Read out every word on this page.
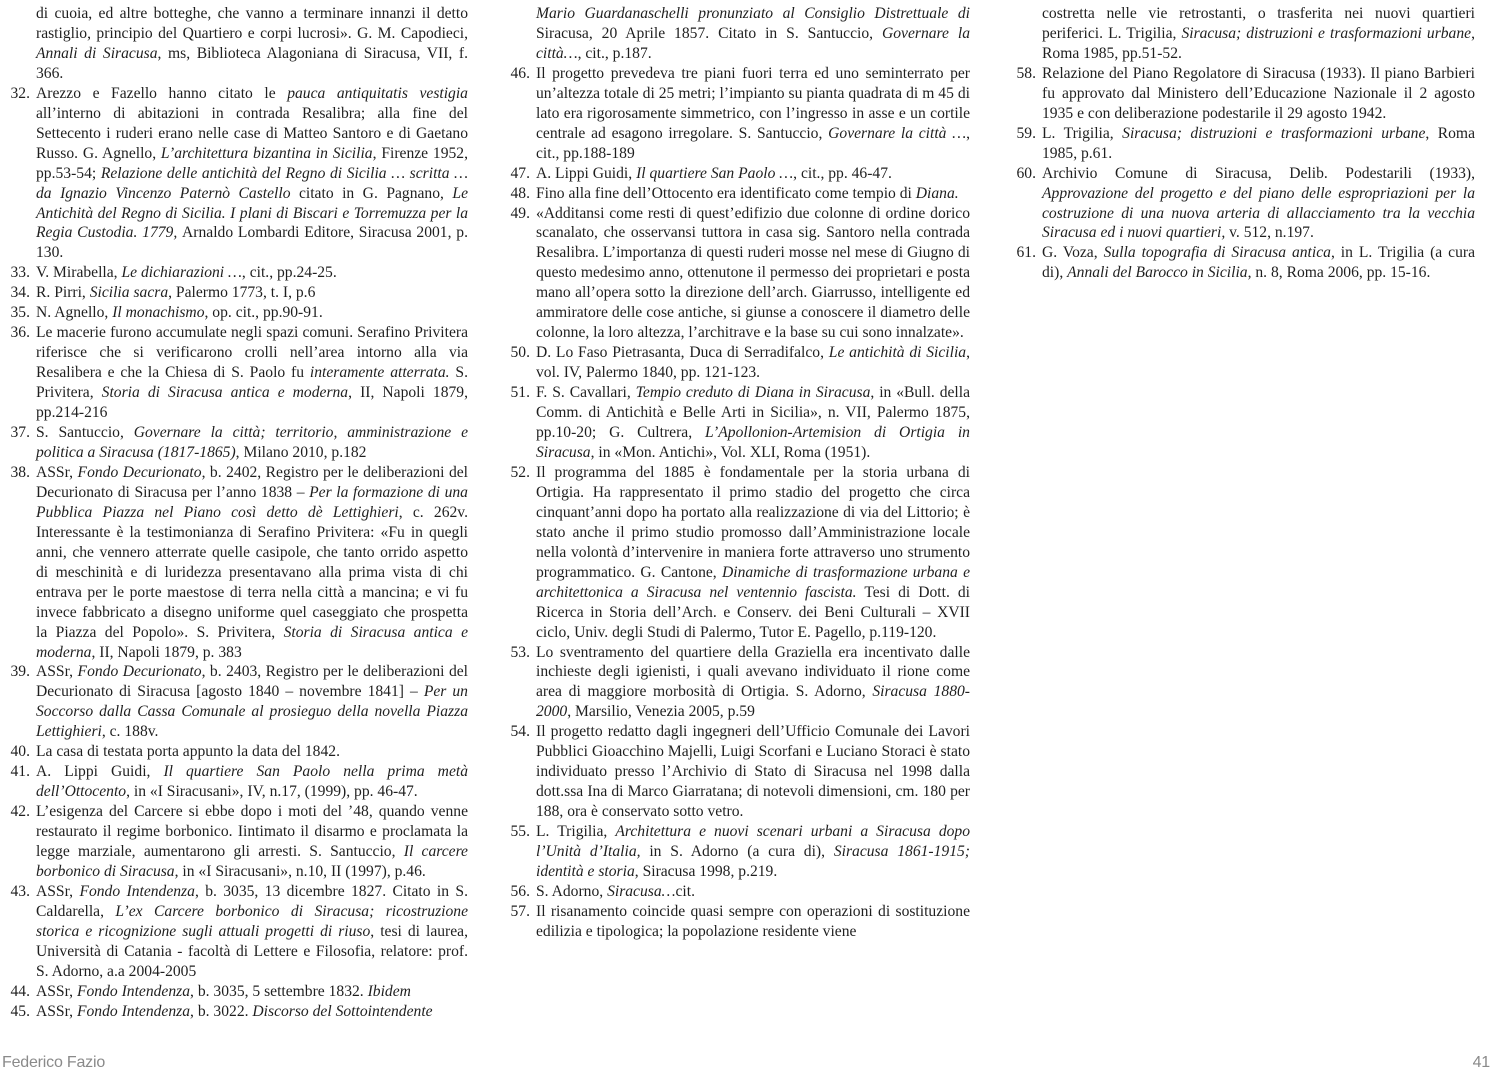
di cuoia, ed altre botteghe, che vanno a terminare innanzi il detto rastiglio, principio del Quartiero e corpi lucrosi». G. M. Capodieci, Annali di Siracusa, ms, Biblioteca Alagoniana di Siracusa, VII, f. 366.
32. Arezzo e Fazello hanno citato le pauca antiquitatis vestigia all’interno di abitazioni in contrada Resalibra; alla fine del Settecento i ruderi erano nelle case di Matteo Santoro e di Gaetano Russo. G. Agnello, L’architettura bizantina in Sicilia, Firenze 1952, pp.53-54; Relazione delle antichità del Regno di Sicilia … scritta … da Ignazio Vincenzo Paternò Castello citato in G. Pagnano, Le Antichità del Regno di Sicilia. I plani di Biscari e Torremuzza per la Regia Custodia. 1779, Arnaldo Lombardi Editore, Siracusa 2001, p. 130.
33. V. Mirabella, Le dichiarazioni …, cit., pp.24-25.
34. R. Pirri, Sicilia sacra, Palermo 1773, t. I, p.6
35. N. Agnello, Il monachismo, op. cit., pp.90-91.
36. Le macerie furono accumulate negli spazi comuni. Serafino Privitera riferisce che si verificarono crolli nell’area intorno alla via Resalibera e che la Chiesa di S. Paolo fu interamente atterrata. S. Privitera, Storia di Siracusa antica e moderna, II, Napoli 1879, pp.214-216
37. S. Santuccio, Governare la città; territorio, amministrazione e politica a Siracusa (1817-1865), Milano 2010, p.182
38. ASSr, Fondo Decurionato, b. 2402, Registro per le deliberazioni del Decurionato di Siracusa per l’anno 1838 – Per la formazione di una Pubblica Piazza nel Piano così detto dè Lettighieri, c. 262v. Interessante è la testimonianza di Serafino Privitera: «Fu in quegli anni, che vennero atterrate quelle casipole, che tanto orrido aspetto di meschinità e di luridezza presentavano alla prima vista di chi entrava per le porte maestose di terra nella città a mancina; e vi fu invece fabbricato a disegno uniforme quel caseggiato che prospetta la Piazza del Popolo». S. Privitera, Storia di Siracusa antica e moderna, II, Napoli 1879, p. 383
39. ASSr, Fondo Decurionato, b. 2403, Registro per le deliberazioni del Decurionato di Siracusa [agosto 1840 – novembre 1841] – Per un Soccorso dalla Cassa Comunale al prosieguo della novella Piazza Lettighieri, c. 188v.
40. La casa di testata porta appunto la data del 1842.
41. A. Lippi Guidi, Il quartiere San Paolo nella prima metà dell’Ottocento, in «I Siracusani», IV, n.17, (1999), pp. 46-47.
42. L’esigenza del Carcere si ebbe dopo i moti del ’48, quando venne restaurato il regime borbonico. Iintimato il disarmo e proclamata la legge marziale, aumentarono gli arresti. S. Santuccio, Il carcere borbonico di Siracusa, in «I Siracusani», n.10, II (1997), p.46.
43. ASSr, Fondo Intendenza, b. 3035, 13 dicembre 1827. Citato in S. Caldarella, L’ex Carcere borbonico di Siracusa; ricostruzione storica e ricognizione sugli attuali progetti di riuso, tesi di laurea, Università di Catania - facoltà di Lettere e Filosofia, relatore: prof. S. Adorno, a.a 2004-2005
44. ASSr, Fondo Intendenza, b. 3035, 5 settembre 1832. Ibidem
45. ASSr, Fondo Intendenza, b. 3022. Discorso del Sottointendente
Mario Guardanaschelli pronunziato al Consiglio Distrettuale di Siracusa, 20 Aprile 1857. Citato in S. Santuccio, Governare la città…, cit., p.187.
46. Il progetto prevedeva tre piani fuori terra ed uno seminterrato per un’altezza totale di 25 metri; l’impianto su pianta quadrata di m 45 di lato era rigorosamente simmetrico, con l’ingresso in asse e un cortile centrale ad esagono irregolare. S. Santuccio, Governare la città …, cit., pp.188-189
47. A. Lippi Guidi, Il quartiere San Paolo …, cit., pp. 46-47.
48. Fino alla fine dell’Ottocento era identificato come tempio di Diana.
49. «Additansi come resti di quest’edifizio due colonne di ordine dorico scanalato, che osservansi tuttora in casa sig. Santoro nella contrada Resalibra. L’importanza di questi ruderi mosse nel mese di Giugno di questo medesimo anno, ottenutone il permesso dei proprietari e posta mano all’opera sotto la direzione dell’arch. Giarrusso, intelligente ed ammiratore delle cose antiche, si giunse a conoscere il diametro delle colonne, la loro altezza, l’architrave e la base su cui sono innalzate».
50. D. Lo Faso Pietrasanta, Duca di Serradifalco, Le antichità di Sicilia, vol. IV, Palermo 1840, pp. 121-123.
51. F. S. Cavallari, Tempio creduto di Diana in Siracusa, in «Bull. della Comm. di Antichità e Belle Arti in Sicilia», n. VII, Palermo 1875, pp.10-20; G. Cultrera, L’Apollonion-Artemision di Ortigia in Siracusa, in «Mon. Antichi», Vol. XLI, Roma (1951).
52. Il programma del 1885 è fondamentale per la storia urbana di Ortigia. Ha rappresentato il primo stadio del progetto che circa cinquant’anni dopo ha portato alla realizzazione di via del Littorio; è stato anche il primo studio promosso dall’Amministrazione locale nella volontà d’intervenire in maniera forte attraverso uno strumento programmatico. G. Cantone, Dinamiche di trasformazione urbana e architettonica a Siracusa nel ventennio fascista. Tesi di Dott. di Ricerca in Storia dell’Arch. e Conserv. dei Beni Culturali – XVII ciclo, Univ. degli Studi di Palermo, Tutor E. Pagello, p.119-120.
53. Lo sventramento del quartiere della Graziella era incentivato dalle inchieste degli igienisti, i quali avevano individuato il rione come area di maggiore morbosità di Ortigia. S. Adorno, Siracusa 1880-2000, Marsilio, Venezia 2005, p.59
54. Il progetto redatto dagli ingegneri dell’Ufficio Comunale dei Lavori Pubblici Gioacchino Majelli, Luigi Scorfani e Luciano Storaci è stato individuato presso l’Archivio di Stato di Siracusa nel 1998 dalla dott.ssa Ina di Marco Giarratana; di notevoli dimensioni, cm. 180 per 188, ora è conservato sotto vetro.
55. L. Trigilia, Architettura e nuovi scenari urbani a Siracusa dopo l’Unità d’Italia, in S. Adorno (a cura di), Siracusa 1861-1915; identità e storia, Siracusa 1998, p.219.
56. S. Adorno, Siracusa…cit.
57. Il risanamento coincide quasi sempre con operazioni di sostituzione edilizia e tipologica; la popolazione residente viene
costretta nelle vie retrostanti, o trasferita nei nuovi quartieri periferici. L. Trigilia, Siracusa; distruzioni e trasformazioni urbane, Roma 1985, pp.51-52.
58. Relazione del Piano Regolatore di Siracusa (1933). Il piano Barbieri fu approvato dal Ministero dell’Educazione Nazionale il 2 agosto 1935 e con deliberazione podestarile il 29 agosto 1942.
59. L. Trigilia, Siracusa; distruzioni e trasformazioni urbane, Roma 1985, p.61.
60. Archivio Comune di Siracusa, Delib. Podestarili (1933), Approvazione del progetto e del piano delle espropriazioni per la costruzione di una nuova arteria di allacciamento tra la vecchia Siracusa ed i nuovi quartieri, v. 512, n.197.
61. G. Voza, Sulla topografia di Siracusa antica, in L. Trigilia (a cura di), Annali del Barocco in Sicilia, n. 8, Roma 2006, pp. 15-16.
Federico Fazio	41
